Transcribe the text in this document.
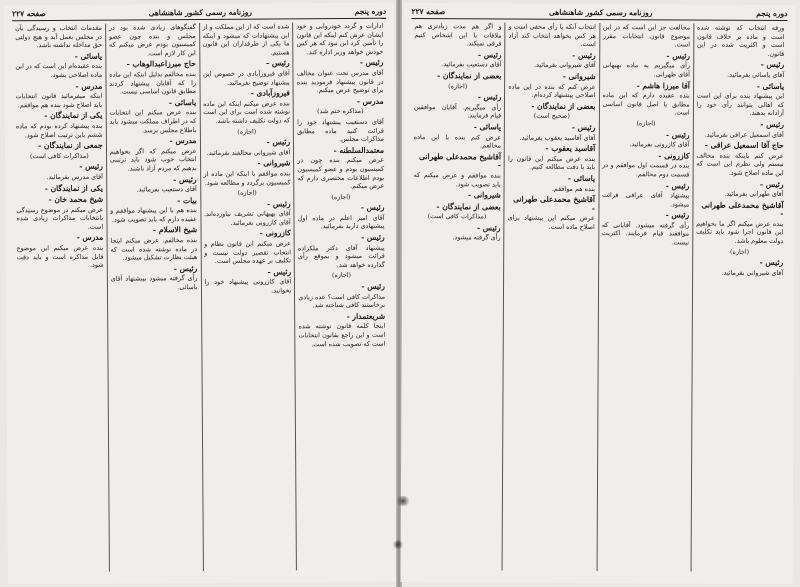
دوره پنجم
روزنامه رسمی کشور شاهنشاهی
صفحه ۲۲۷

ادارات و گردد خودروایی و خود ایشان عرض کنم اینکه این قانون را تأمین کرد این نبود که هر کس خودش خواهد وزیر اداره کند.

رئیس -

آقای مدرس تحت عنوان مخالف در قانون پیشنهاد فرمودید بنده برای توضیح عرض میکنم.

مدرس -
(مذاکره ختم شد)

آقای دستعیب پیشنهاد خود را قرائت کنید ماده مطابق مذاکرات مجلس.

معتمدالسلطنه -

عرض میکنم بنده چون در کمیسیون بودم و عضو کمیسیون بودم اطلاعات مختصری دارم که عرض میکنم.

(اجازه)
رئیس -

آقای امیر اعلم در ماده اول پیشنهادی دارید بفرمائید.

رئیس -

پیشنهاد آقای دکتر ملکزاده قرائت میشود و بموقع رأی گذارده خواهد شد.

(اجازه)
رئیس -

مذاکرات کافی است؟ عده زیادی برخاستند کافی شناخته شد.

شریعتمدار -

اینجا کلمه قانون نوشته شده است و این راجع بقانون انتخابات است که تصویب شده است.

شده است که از این مملکت و از این پیشنهادات که میشود و اینکه ما یکی از طرفداران این قانون هستیم.

رئیس -

آقای فیروزآبادی در خصوص این پیشنهاد توضیح بفرمائید.

فیروزآبادی -

بنده عرض میکنم اینکه این ماده نوشته شده است برای این است که دولت تکلیف داشته باشد.

(اجازه)
رئیس -

آقای شیروانی مخالفند بفرمائید.

شیروانی -

بنده موافقم با اینکه این ماده از کمیسیون برگردد و مطالعه شود.

(اجازه)
رئیس -

آقای بهبهانی تشریف نیاورده‌اند. آقای کازرونی بفرمائید.

کازرونی -

عرض میکنم این قانون نظام و انتخاب تقصیر دولت نیست و تکلیف بر عهده مجلس است.

رئیس -

آقای کازرونی پیشنهاد خود را بخوانید.

گفتگوهای زیادی شده بود در مجلس و بنده چون عضو کمیسیون بودم عرض میکنم که این کار لازم است.

حاج میرزاعبدالوهاب -

بنده مخالفم بدلیل اینکه این ماده را که آقایان پیشنهاد کردند مطابق قانون اساسی نیست.

یاسائی -

بنده عرض میکنم این انتخابات که در اطراف مملکت میشود باید باطلاع مجلس برسد.

مدرس -

عرض میکنم که اگر بخواهیم انتخاب خوب شود باید ترتیبی بدهیم که مردم آزاد باشند.

رئیس -

آقای دستعیب بفرمائید.

بیات -

بنده هم با این پیشنهاد موافقم و عقیده دارم که باید تصویب شود.

شیخ الاسلام -

بنده مخالفم. عرض میکنم اینجا در ماده نوشته شده است که هیئت نظارت تشکیل میشود.

رئیس -

رأی گرفته میشود بپیشنهاد آقای یاسائی.

مقدمات انتخاب و رسیدگی بآن در مجلس بعمل آید و هیچ دولتی حق مداخله نداشته باشد.

یاسائی -

بنده عقیده‌ام این است که در این ماده اصلاحی بشود.

مدرس -

اینکه میفرمائید قانون انتخابات باید اصلاح شود بنده هم موافقم.

یکی از نمایندگان -

بنده پیشنهاد کرده بودم که ماده ششم باین ترتیب اصلاح شود.

جمعی از نمایندگان -
(مذاکرات کافی است)
رئیس -

آقای مدرس بفرمائید.

یکی از نمایندگان -
شیخ محمد خان -

عرض میکنم در موضوع رسیدگی بانتخابات مذاکرات زیادی شده است.

مدرس -

بنده عرض میکنم این موضوع قابل مذاکره است و باید دقت شود.

دوره پنجم
روزنامه رسمی کشور شاهنشاهی
صفحه ۲۲۷

ورقه انتخاب که نوشته شده است و ماده بر خلاف قانون است و اکثریت شده در این قانون.

رئیس -

آقای یاسائی بفرمائید.

یاسائی -

این پیشنهاد بنده برای این است که اهالی بتوانند رأی خود را آزادانه بدهند.

رئیس -

آقای اسمعیل عراقی بفرمائید.

حاج آقا اسمعیل عراقی -

عرض کنم باینکه بنده مخالف نیستم ولی نظرم این است که این ماده اصلاح شود.

رئیس -

آقای طهرانی بفرمائید.

آقاشیخ محمدعلی طهرانی -

بنده عرض میکنم اگر ما بخواهیم این قانون اجرا شود باید تکلیف دولت معلوم باشد.

(اجازه)
رئیس -

آقای شیروانی بفرمائید.

مخالفت جز این است که در این موضوع قانون انتخابات مقرر است.

رئیس -

رأی میگیریم به ماده بهبهانی آقای طهرانی.

آقا میرزا هاشم -

بنده عقیده دارم که این ماده مطابق با اصل قانون اساسی است.

(اجازه)
رئیس -

آقای کازرونی بفرمائید.

کازرونی -

بنده در قسمت اول موافقم و در قسمت دوم مخالفم.

رئیس -

پیشنهاد آقای عراقی قرائت میشود.

رئیس -

رأی گرفته میشود. آقایانی که موافقند قیام فرمایند. اکثریت نیست.

انتخاب آنکه با رأی مخفی است و هر کس بخواهد انتخاب کند آزاد است.

رئیس -

آقای شیروانی بفرمائید.

شیروانی -

عرض کنم که بنده در این ماده اصلاحی پیشنهاد کرده‌ام.

بعضی از نمایندگان -
(صحیح است)
رئیس -

آقای آقاسید یعقوب بفرمائید.

آقاسید یعقوب -

بنده عرض میکنم این قانون را باید با دقت مطالعه کنیم.

یاسائی -

بنده هم موافقم.

آقاشیخ محمدعلی طهرانی -

عرض میکنم این پیشنهاد برای اصلاح ماده است.

و اگر هم مدت زیادتری هم ملاقات با این اشخاص کنیم فرقی نمیکند.

رئیس -

آقای دستعیب بفرمائید.

بعضی از نمایندگان -
(اجازه)
رئیس -

رأی میگیریم. آقایان موافقین قیام فرمایند.

یاسائی -

عرض کنم بنده با این ماده مخالفم.

آقاشیخ محمدعلی طهرانی -

بنده موافقم و عرض میکنم که باید تصویب شود.

شیروانی -
بعضی از نمایندگان -
(مذاکرات کافی است)
رئیس -

رأی گرفته میشود.
